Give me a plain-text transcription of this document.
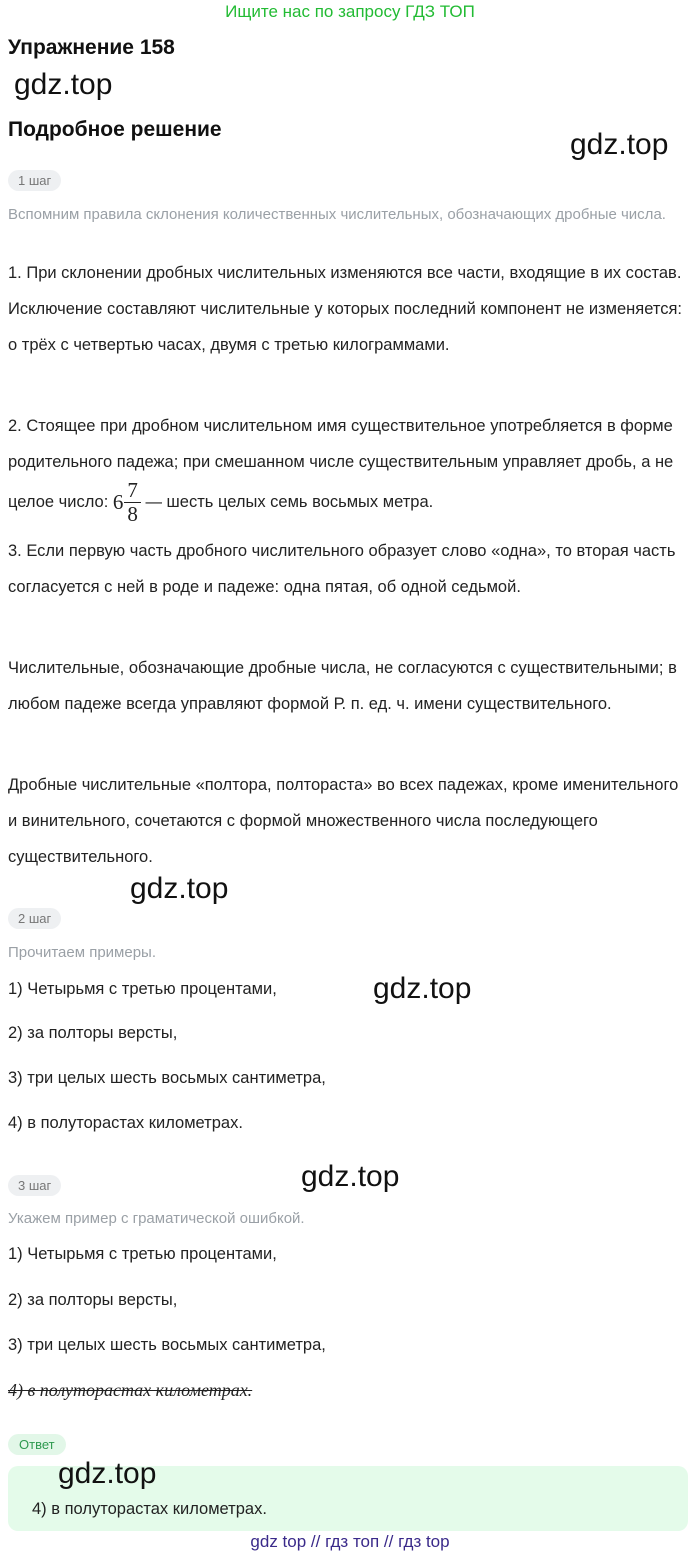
Ищите нас по запросу ГДЗ ТОП
Упражнение 158
gdz.top
Подробное решение	gdz.top
1 шаг
Вспомним правила склонения количественных числительных, обозначающих дробные числа.
1. При склонении дробных числительных изменяются все части, входящие в их состав. Исключение составляют числительные у которых последний компонент не изменяется: о трёх с четвертью часах, двумя с третью килограммами.
2. Стоящее при дробном числительном имя существительное употребляется в форме родительного падежа; при смешанном числе существительным управляет дробь, а не целое число: $6 \frac{7}{8}$ — шесть целых семь восьмых метра.
3. Если первую часть дробного числительного образует слово «одна», то вторая часть согласуется с ней в роде и падеже: одна пятая, об одной седьмой.
Числительные, обозначающие дробные числа, не согласуются с существительными; в любом падеже всегда управляют формой Р. п. ед. ч. имени существительного.
Дробные числительные «полтора, полтораста» во всех падежах, кроме именительного и винительного, сочетаются с формой множественного числа последующего существительного.
gdz.top
2 шаг
Прочитаем примеры.
1) Четырьмя с третью процентами,	gdz.top
2) за полторы версты,
3) три целых шесть восьмых сантиметра,
4) в полуторастах километрах.
gdz.top
3 шаг
Укажем пример с граматической ошибкой.
1) Четырьмя с третью процентами,
2) за полторы версты,
3) три целых шесть восьмых сантиметра,
4) в полуторастах километрах.
Ответ
gdz.top
4) в полуторастах километрах.
gdz top // гдз топ // гдз top
